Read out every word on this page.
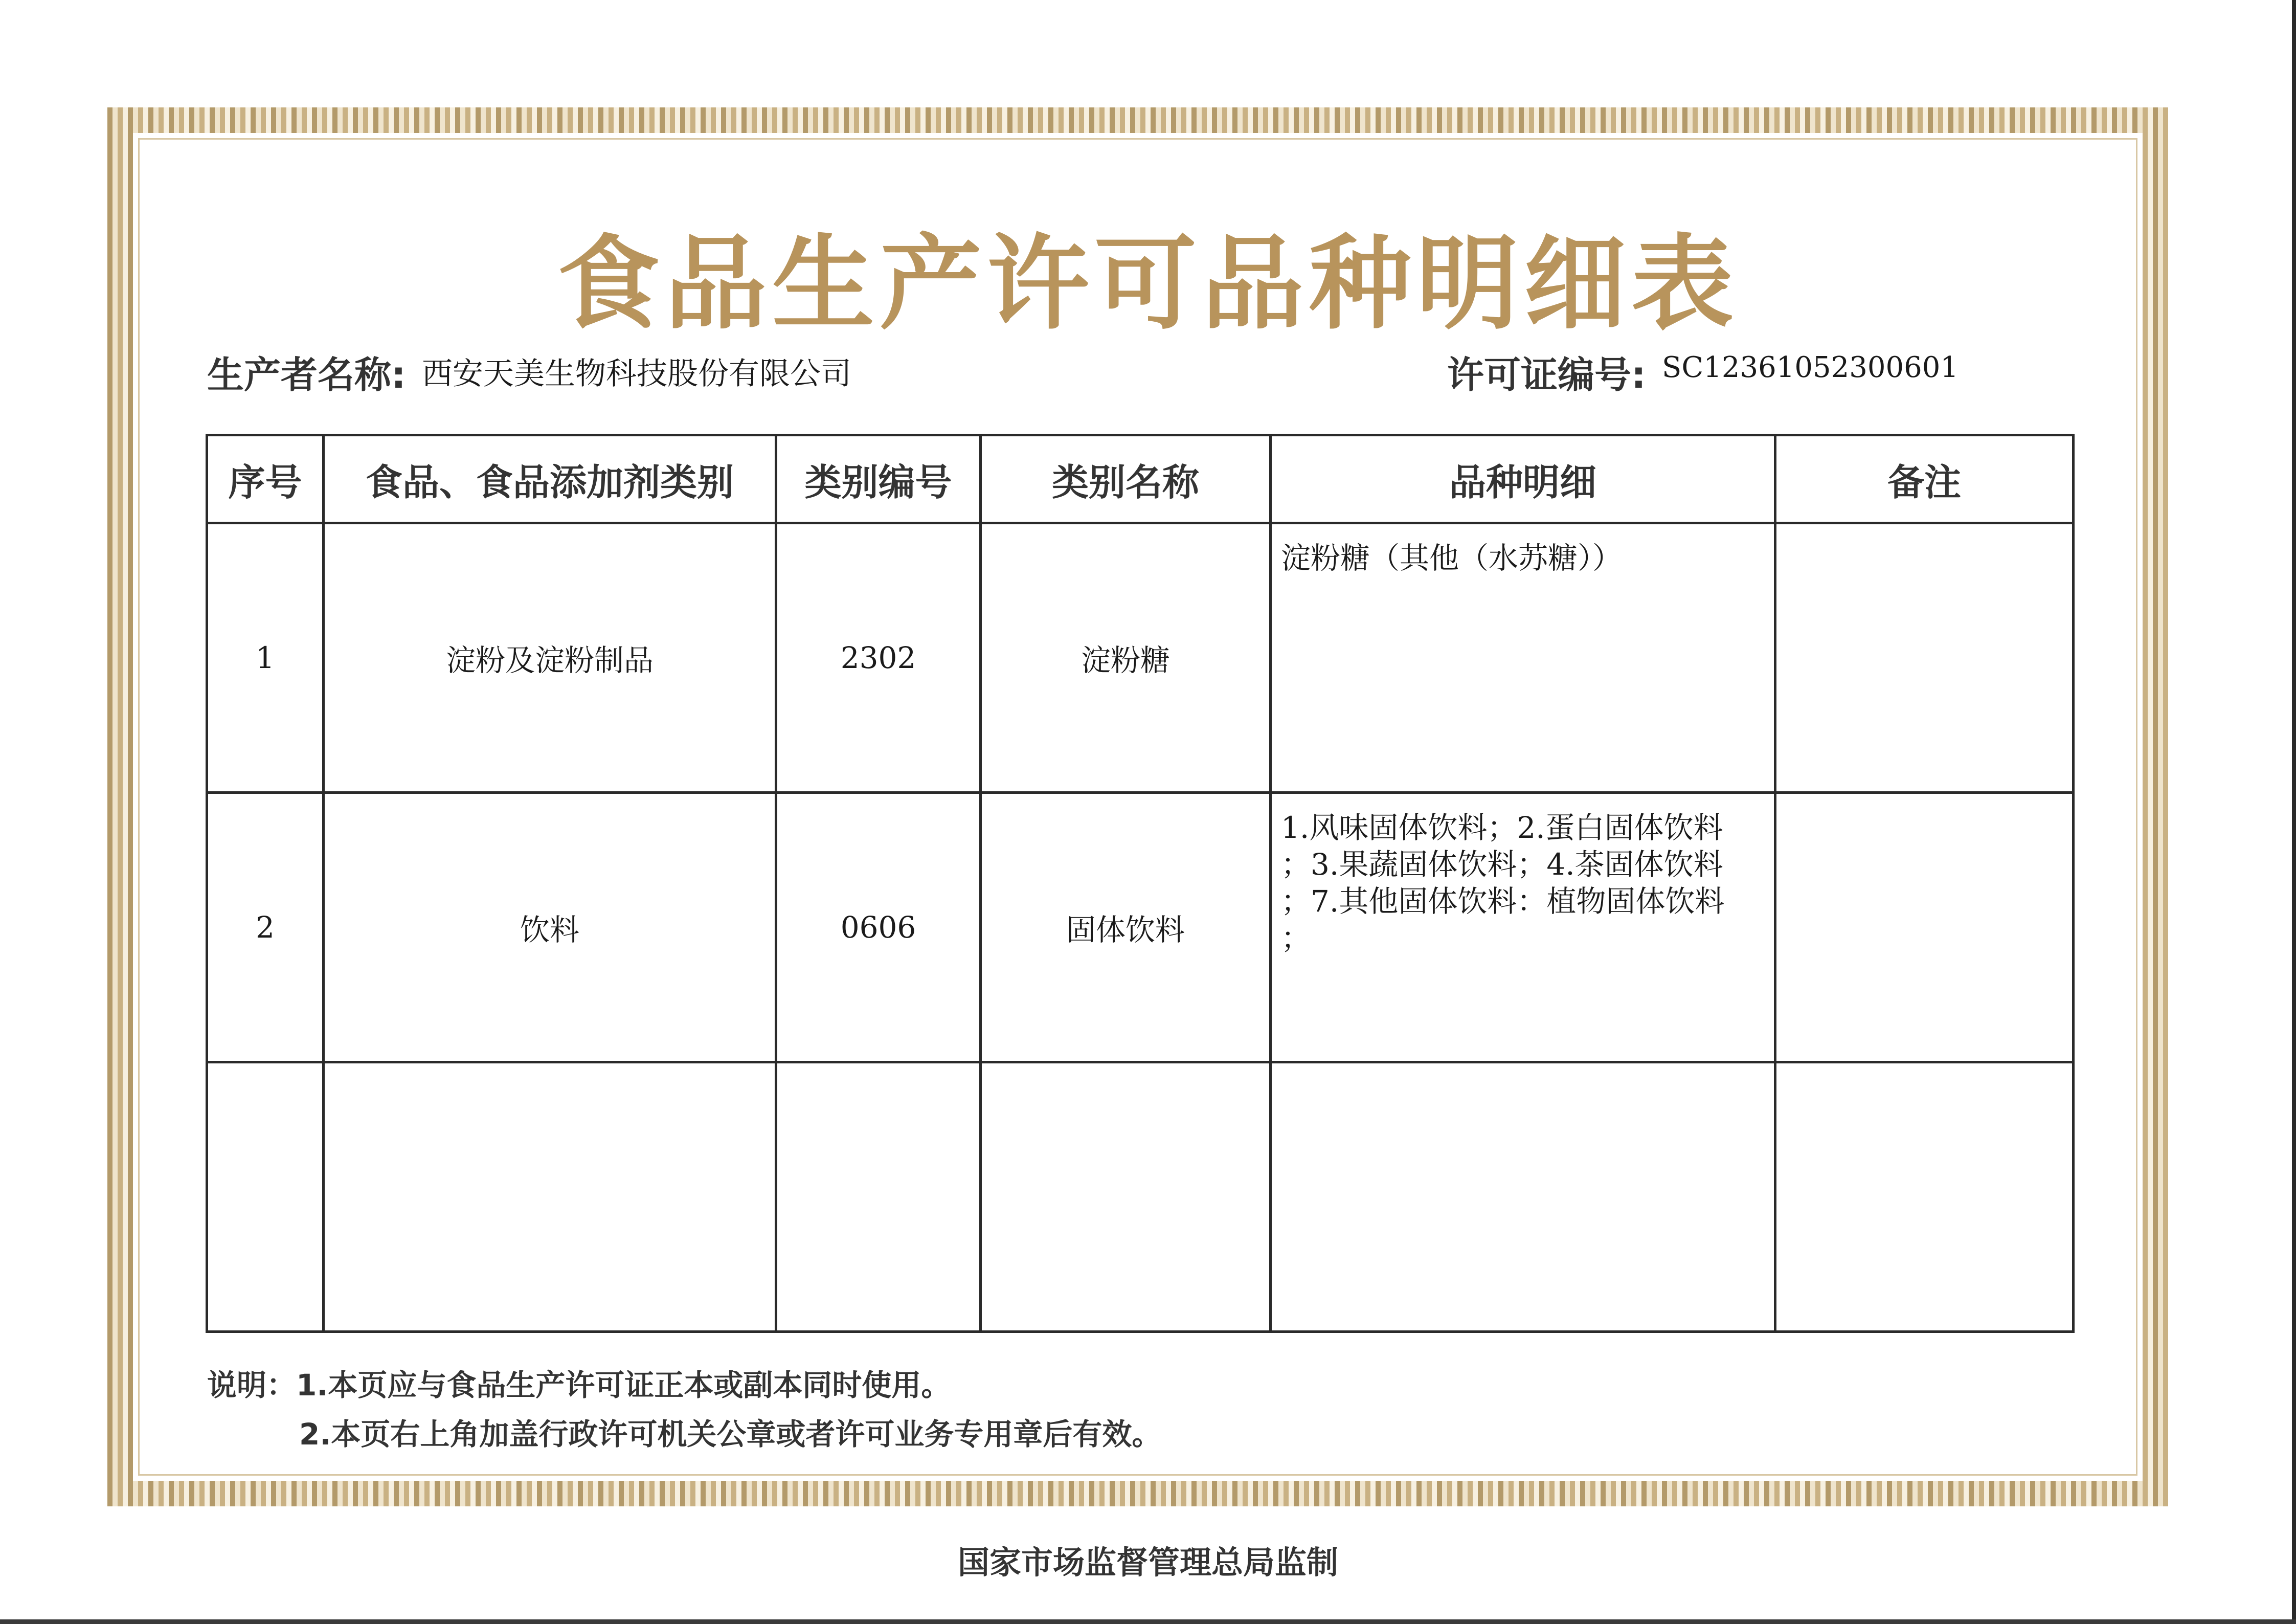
食品生产许可品种明细表
生产者名称: 西安天美生物科技股份有限公司	许可证编号: SC12361052300601
序号	食品、食品添加剂类别	类别编号	类别名称	品种明细	备注
1	淀粉及淀粉制品	2302	淀粉糖	淀粉糖（其他（水苏糖））	
2	饮料	0606	固体饮料	1.风味固体饮料；2.蛋白固体饮料
；3.果蔬固体饮料；4.茶固体饮料
；7.其他固体饮料：植物固体饮料
；	

说明：1.本页应与食品生产许可证正本或副本同时使用。
2.本页右上角加盖行政许可机关公章或者许可业务专用章后有效。
国家市场监督管理总局监制
